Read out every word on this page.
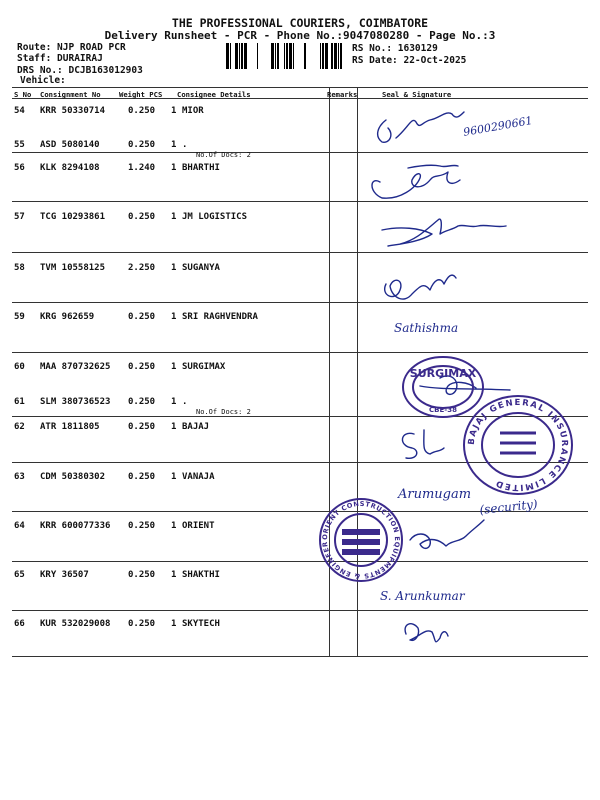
THE PROFESSIONAL COURIERS, COIMBATORE
Delivery Runsheet - PCR - Phone No.:9047080280 - Page No.:3
Route: NJP ROAD PCR
Staff: DURAIRAJ
DRS No.: DCJB163012903
Vehicle:
RS No.: 1630129
RS Date: 22-Oct-2025
S No Consignment No	Weight PCS Consignee Details	Remarks	Seal & Signature
54 KRR 50330714	0.250 1 MIOR
55 ASD 5080140	0.250 1 .
No.Of Docs: 2
56 KLK 8294108	1.240 1 BHARTHI
57 TCG 10293861	0.250 1 JM LOGISTICS
58 TVM 10558125	2.250 1 SUGANYA
59 KRG 962659	0.250 1 SRI RAGHVENDRA
60 MAA 870732625 0.250 1 SURGIMAX
61 SLM 380736523 0.250 1 .
No.Of Docs: 2
62 ATR 1811805	0.250 1 BAJAJ
63 CDM 50380302	0.250 1 VANAJA
64 KRR 600077336 0.250 1 ORIENT
65 KRY 36507	0.250 1 SHAKTHI
66 KUR 532029008 0.250 1 SKYTECH
9600290661
Sathishma
Arumugam
(security)
S. Arunkumar
SURGIMAX
CBE-38
BAJAJ GENERAL INSURANCE LIMITED
ORIENT CONSTRUCTION EQUIPMENTS & ENGINEERING
